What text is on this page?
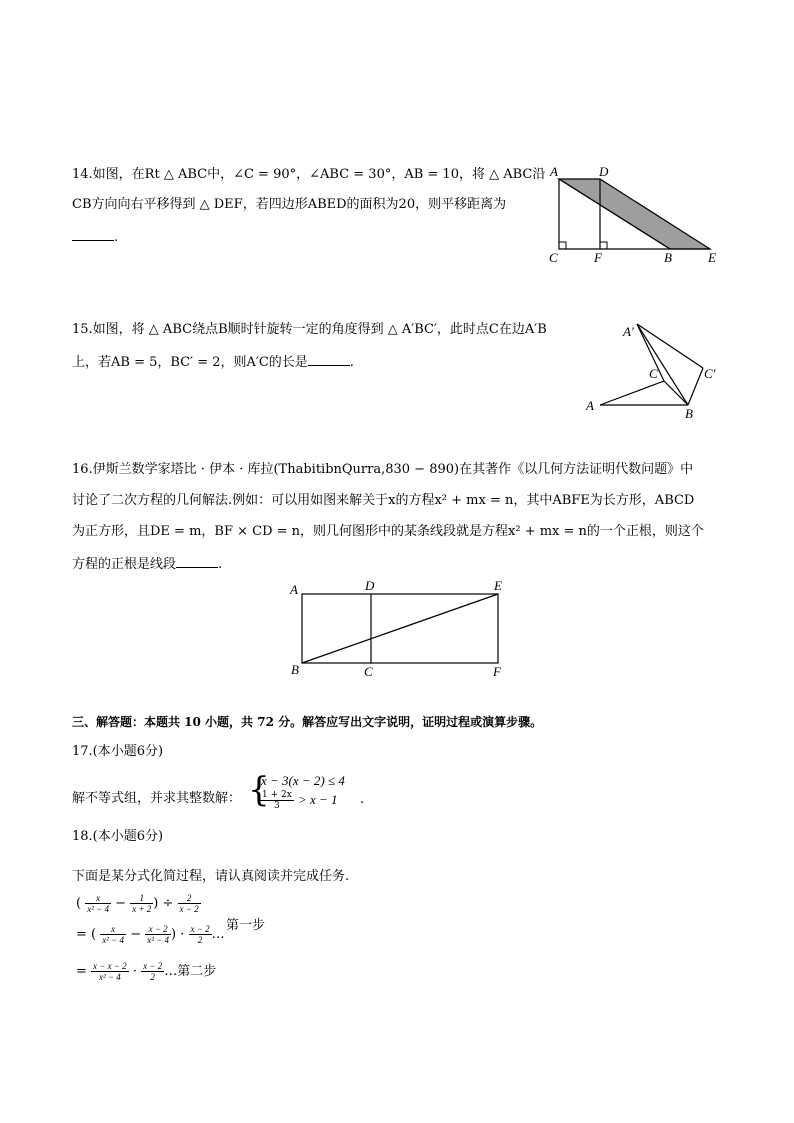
14.如图，在Rt △ ABC中，∠C = 90°，∠ABC = 30°，AB = 10，将 △ ABC沿
CB方向向右平移得到 △ DEF，若四边形ABED的面积为20，则平移距离为
.
A	D
C	F	B	E
15.如图，将 △ ABC绕点B顺时针旋转一定的角度得到 △ A′BC′，此时点C在边A′B
上，若AB = 5，BC′ = 2，则A′C的长是	.
A′
C	C′
A
B
16.伊斯兰数学家塔比 · 伊本 · 库拉(ThabitibnQurra,830 − 890)在其著作《以几何方法证明代数问题》中
讨论了二次方程的几何解法.例如：可以用如图来解关于x的方程x² + mx = n，其中ABFE为长方形，ABCD
为正方形，且DE = m，BF × CD = n，则几何图形中的某条线段就是方程x² + mx = n的一个正根，则这个
方程的正根是线段	.
A	D	E
B	C	F
三、解答题：本题共 10 小题，共 72 分。解答应写出文字说明，证明过程或演算步骤。
17.(本小题6分)
解不等式组，并求其整数解： {
x − 3(x − 2) ≤ 4
$\frac{1 + 2x}{3} > x - 1$ .
18.(本小题6分)
下面是某分式化简过程，请认真阅读并完成任务.
( $\frac{x}{\text{x² − 4}} - \frac{1}{x + 2}$ ) ÷ $\frac{2}{x - 2}$
= ( $\frac{x}{\text{x² − 4}} - \frac{x - 2}{\text{x² − 4}}$ ) · $\frac{x - 2}{2}$ …
第一步
= $\frac{x - x - 2}{\text{x² − 4}} \cdot \frac{x - 2}{2}$ …第二步
